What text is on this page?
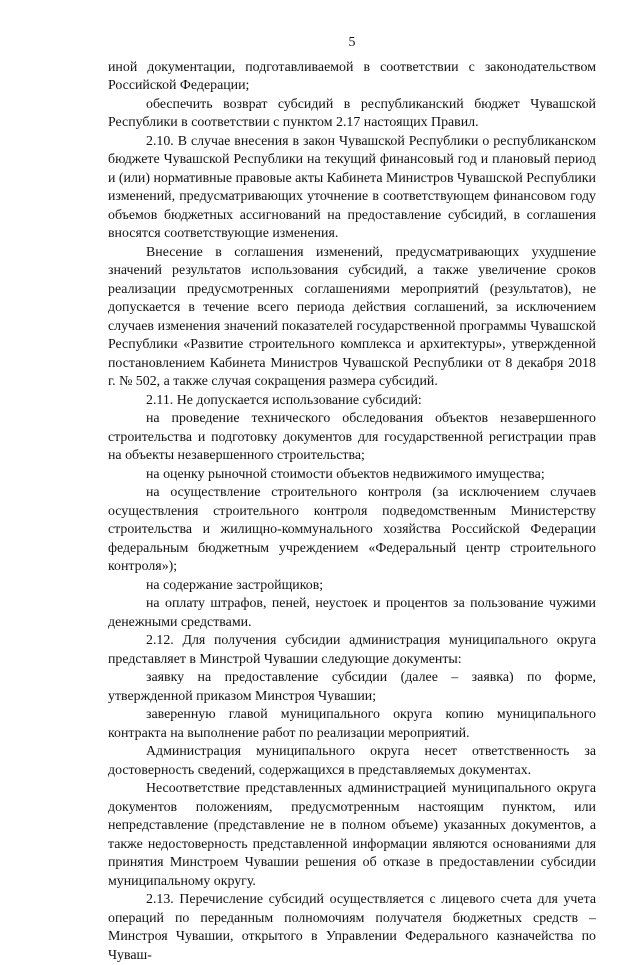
5

иной документации, подготавливаемой в соответствии с законодательством Российской Федерации;

обеспечить возврат субсидий в республиканский бюджет Чувашской Республики в соответствии с пунктом 2.17 настоящих Правил.

2.10. В случае внесения в закон Чувашской Республики о республиканском бюджете Чувашской Республики на текущий финансовый год и плановый период и (или) нормативные правовые акты Кабинета Министров Чувашской Республики изменений, предусматривающих уточнение в соответствующем финансовом году объемов бюджетных ассигнований на предоставление субсидий, в соглашения вносятся соответствующие изменения.

Внесение в соглашения изменений, предусматривающих ухудшение значений результатов использования субсидий, а также увеличение сроков реализации предусмотренных соглашениями мероприятий (результатов), не допускается в течение всего периода действия соглашений, за исключением случаев изменения значений показателей государственной программы Чувашской Республики «Развитие строительного комплекса и архитектуры», утвержденной постановлением Кабинета Министров Чувашской Республики от 8 декабря 2018 г. № 502, а также случая сокращения размера субсидий.

2.11. Не допускается использование субсидий:

на проведение технического обследования объектов незавершенного строительства и подготовку документов для государственной регистрации прав на объекты незавершенного строительства;

на оценку рыночной стоимости объектов недвижимого имущества;

на осуществление строительного контроля (за исключением случаев осуществления строительного контроля подведомственным Министерству строительства и жилищно-коммунального хозяйства Российской Федерации федеральным бюджетным учреждением «Федеральный центр строительного контроля»);

на содержание застройщиков;

на оплату штрафов, пеней, неустоек и процентов за пользование чужими денежными средствами.

2.12. Для получения субсидии администрация муниципального округа представляет в Минстрой Чувашии следующие документы:

заявку на предоставление субсидии (далее – заявка) по форме, утвержденной приказом Минстроя Чувашии;

заверенную главой муниципального округа копию муниципального контракта на выполнение работ по реализации мероприятий.

Администрация муниципального округа несет ответственность за достоверность сведений, содержащихся в представляемых документах.

Несоответствие представленных администрацией муниципального округа документов положениям, предусмотренным настоящим пунктом, или непредставление (представление не в полном объеме) указанных документов, а также недостоверность представленной информации являются основаниями для принятия Минстроем Чувашии решения об отказе в предоставлении субсидии муниципальному округу.

2.13. Перечисление субсидий осуществляется с лицевого счета для учета операций по переданным полномочиям получателя бюджетных средств – Минстроя Чувашии, открытого в Управлении Федерального казначейства по Чуваш-
